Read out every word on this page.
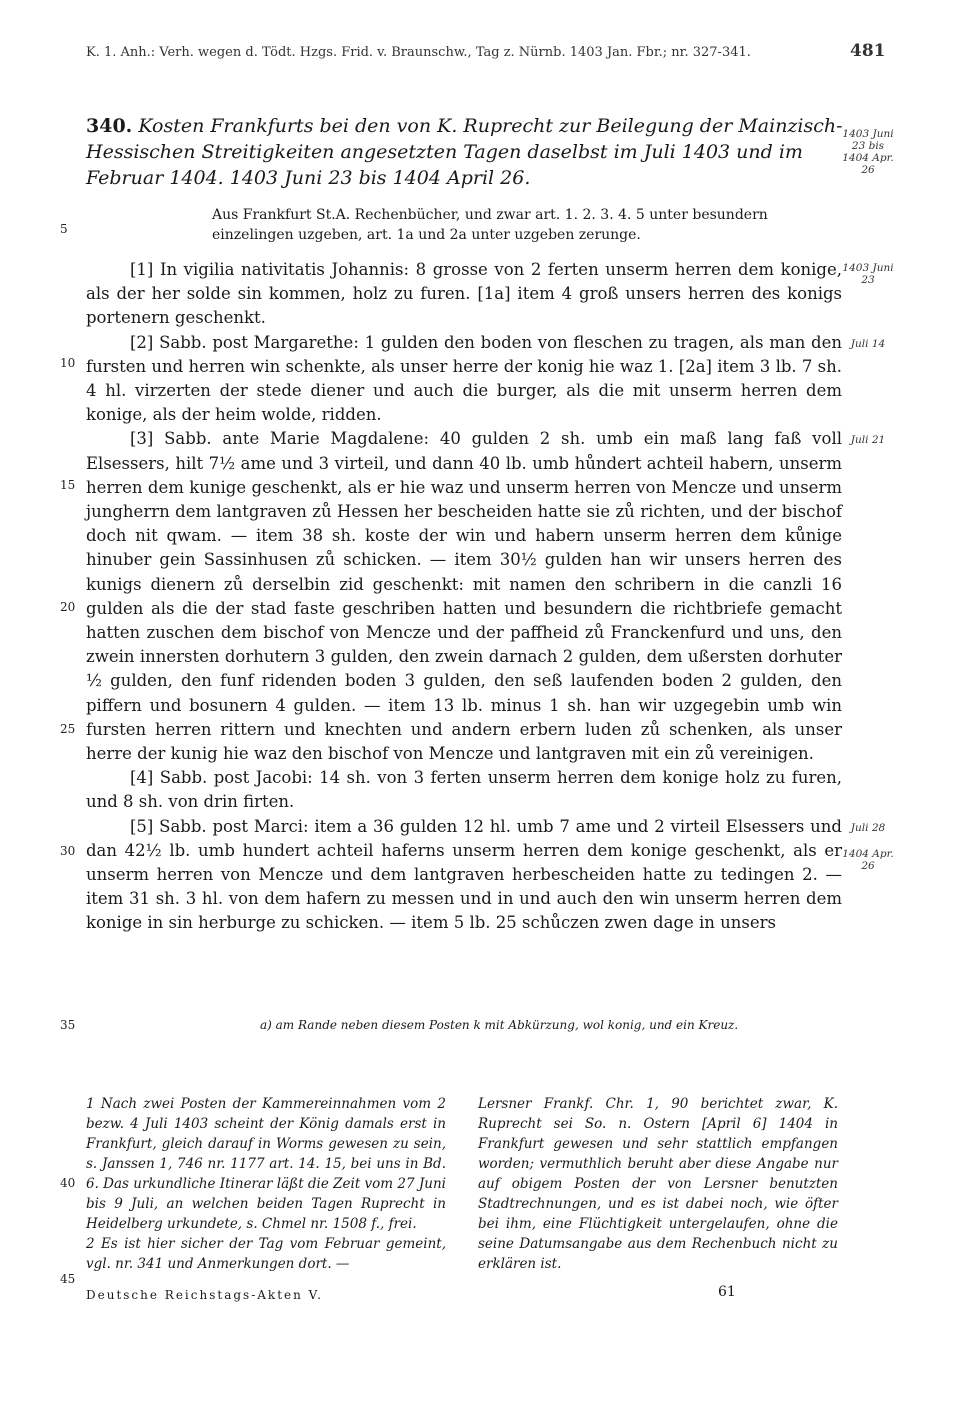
K. 1. Anh.: Verh. wegen d. Tödt. Hzgs. Frid. v. Braunschw., Tag z. Nürnb. 1403 Jan. Fbr.; nr. 327-341.	481
340. Kosten Frankfurts bei den von K. Ruprecht zur Beilegung der Mainzisch-Hessischen Streitigkeiten angesetzten Tagen daselbst im Juli 1403 und im Februar 1404. 1403 Juni 23 bis 1404 April 26.
Aus Frankfurt St.A. Rechenbücher, und zwar art. 1. 2. 3. 4. 5 unter besundern einzelingen uzgeben, art. 1a und 2a unter uzgeben zerunge.

[1] In vigilia nativitatis Johannis: 8 grosse von 2 ferten unserm herren dem konige, als der her solde sin kommen, holz zu furen. [1a] item 4 groß unsers herren des konigs portenern geschenkt.

[2] Sabb. post Margarethe: 1 gulden den boden von fleschen zu tragen, als man den fursten und herren win schenkte, als unser herre der konig hie waz 1. [2a] item 3 lb. 7 sh. 4 hl. virzerten der stede diener und auch die burger, als die mit unserm herren dem konige, als der heim wolde, ridden.

[3] Sabb. ante Marie Magdalene: 40 gulden 2 sh. umb ein maß lang faß voll Elsessers, hilt 7½ ame und 3 virteil, und dann 40 lb. umb hůndert achteil habern, unserm herren dem kunige geschenkt, als er hie waz und unserm herren von Mencze und unserm jungherrn dem lantgraven zů Hessen her bescheiden hatte sie zů richten, und der bischof doch nit qwam. — item 38 sh. koste der win und habern unserm herren dem kůnige hinuber gein Sassinhusen zů schicken. — item 30½ gulden han wir unsers herren des kunigs dienern zů derselbin zid geschenkt: mit namen den schribern in die canzli 16 gulden als die der stad faste geschriben hatten und besundern die richtbriefe gemacht hatten zuschen dem bischof von Mencze und der paffheid zů Franckenfurd und uns, den zwein innersten dorhutern 3 gulden, den zwein darnach 2 gulden, dem ußersten dorhuter ½ gulden, den funf ridenden boden 3 gulden, den seß laufenden boden 2 gulden, den piffern und bosunern 4 gulden. — item 13 lb. minus 1 sh. han wir uzgegebin umb win fursten herren rittern und knechten und andern erbern luden zů schenken, als unser herre der kunig hie waz den bischof von Mencze und lantgraven mit ein zů vereinigen.

[4] Sabb. post Jacobi: 14 sh. von 3 ferten unserm herren dem konige holz zu furen, und 8 sh. von drin firten.

[5] Sabb. post Marci: item a 36 gulden 12 hl. umb 7 ame und 2 virteil Elsessers und dan 42½ lb. umb hundert achteil haferns unserm herren dem konige geschenkt, als er unserm herren von Mencze und dem lantgraven herbescheiden hatte zu tedingen 2. — item 31 sh. 3 hl. von dem hafern zu messen und in und auch den win unserm herren dem konige in sin herburge zu schicken. — item 5 lb. 25 schůczen zwen dage in unsers

5
10
15
20
25
30
35
40
45
1403 Juni 23 bis 1404 Apr. 26
1403 Juni 23
Juli 14
Juli 21
Juli 28
1404 Apr. 26
a) am Rande neben diesem Posten k mit Abkürzung, wol konig, und ein Kreuz.

1 Nach zwei Posten der Kammereinnahmen vom 2 bezw. 4 Juli 1403 scheint der König damals erst in Frankfurt, gleich darauf in Worms gewesen zu sein, s. Janssen 1, 746 nr. 1177 art. 14. 15, bei uns in Bd. 6. Das urkundliche Itinerar läßt die Zeit vom 27 Juni bis 9 Juli, an welchen beiden Tagen Ruprecht in Heidelberg urkundete, s. Chmel nr. 1508 f., frei.

2 Es ist hier sicher der Tag vom Februar gemeint, vgl. nr. 341 und Anmerkungen dort. —

Lersner Frankf. Chr. 1, 90 berichtet zwar, K. Ruprecht sei So. n. Ostern [April 6] 1404 in Frankfurt gewesen und sehr stattlich empfangen worden; vermuthlich beruht aber diese Angabe nur auf obigem Posten der von Lersner benutzten Stadtrechnungen, und es ist dabei noch, wie öfter bei ihm, eine Flüchtigkeit untergelaufen, ohne die seine Datumsangabe aus dem Rechenbuch nicht zu erklären ist.

Deutsche Reichstags-Akten V.	61
